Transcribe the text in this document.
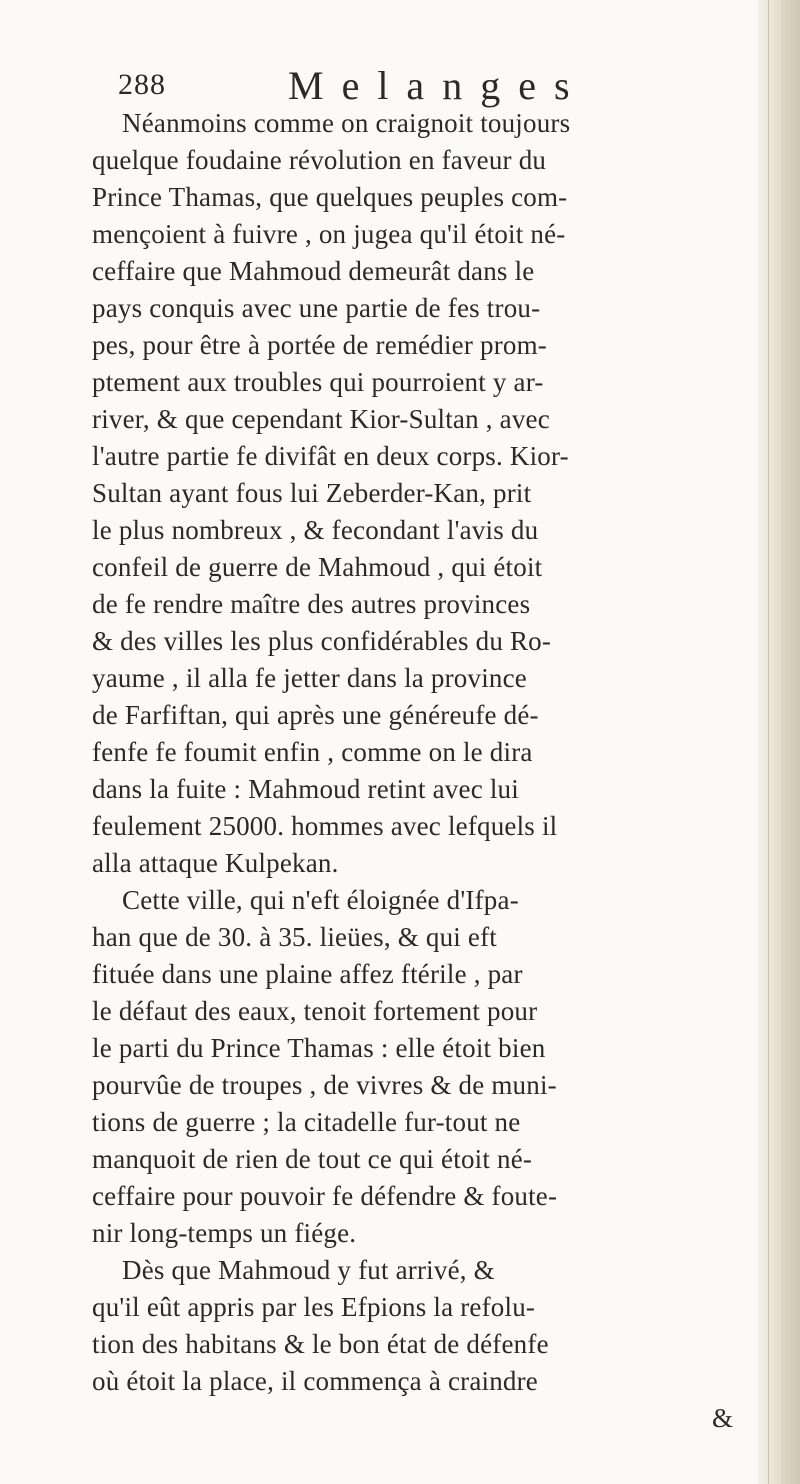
288	Melanges
Néanmoins comme on craignoit toujours
quelque foudaine révolution en faveur du
Prince Thamas, que quelques peuples com-
mençoient à fuivre , on jugea qu'il étoit né-
ceffaire que Mahmoud demeurât dans le
pays conquis avec une partie de fes trou-
pes, pour être à portée de remédier prom-
ptement aux troubles qui pourroient y ar-
river, & que cependant Kior-Sultan , avec
l'autre partie fe divifât en deux corps. Kior-
Sultan ayant fous lui Zeberder-Kan, prit
le plus nombreux , & fecondant l'avis du
confeil de guerre de Mahmoud , qui étoit
de fe rendre maître des autres provinces
& des villes les plus confidérables du Ro-
yaume , il alla fe jetter dans la province
de Farfiftan, qui après une généreufe dé-
fenfe fe foumit enfin , comme on le dira
dans la fuite : Mahmoud retint avec lui
feulement 25000. hommes avec lefquels il
alla attaque Kulpekan.
Cette ville, qui n'eft éloignée d'Ifpa-
han que de 30. à 35. lieües, & qui eft
fituée dans une plaine affez ftérile , par
le défaut des eaux, tenoit fortement pour
le parti du Prince Thamas : elle étoit bien
pourvûe de troupes , de vivres & de muni-
tions de guerre ; la citadelle fur-tout ne
manquoit de rien de tout ce qui étoit né-
ceffaire pour pouvoir fe défendre & foute-
nir long-temps un fiége.
Dès que Mahmoud y fut arrivé, &
qu'il eût appris par les Efpions la refolu-
tion des habitans & le bon état de défenfe
où étoit la place, il commença à craindre
&
